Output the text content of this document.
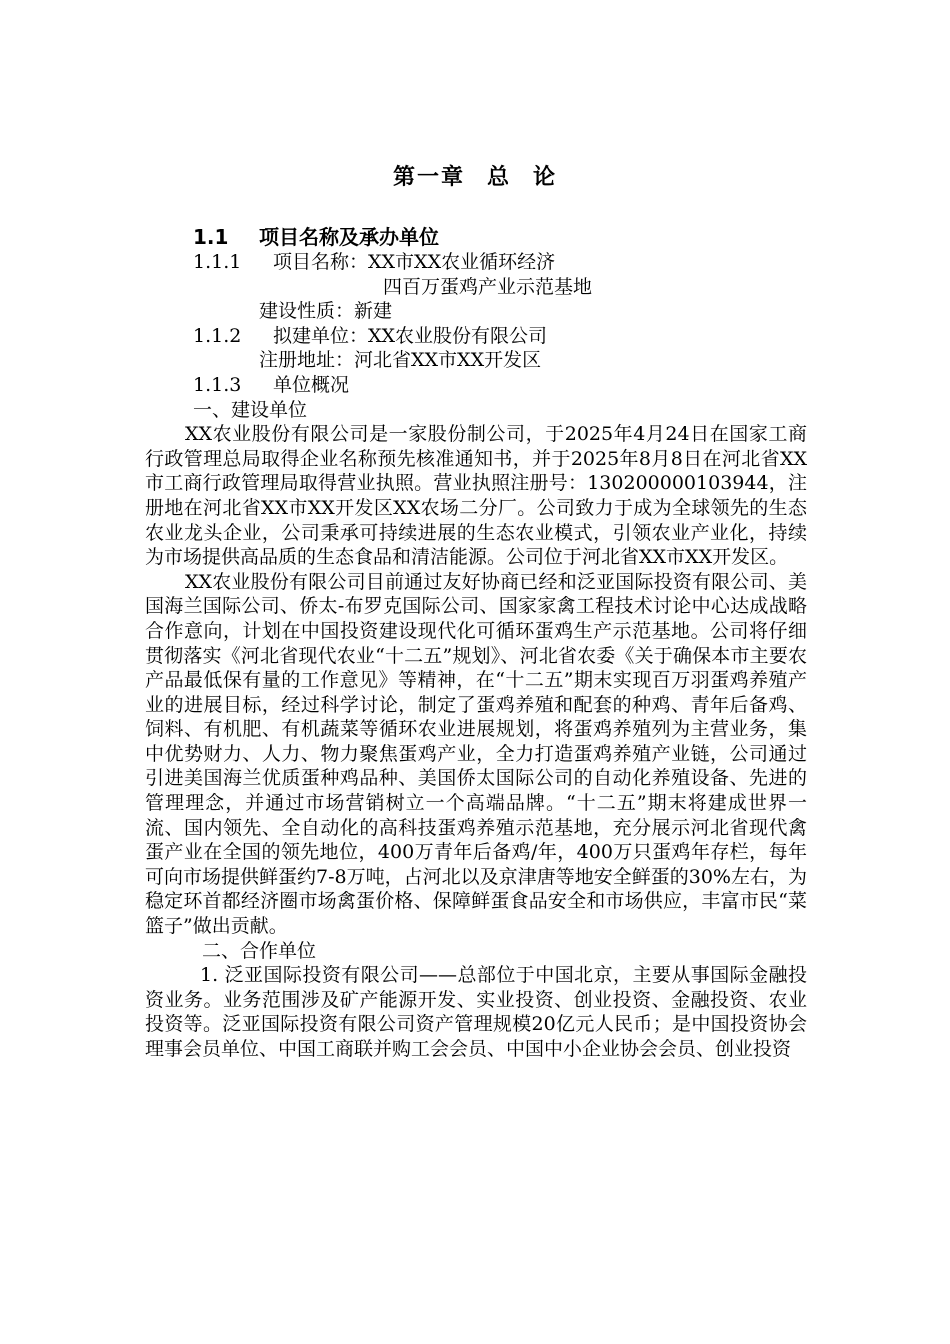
第一章 总 论

1.1 项目名称及承办单位

1.1.1 项目名称：XX市XX农业循环经济

四百万蛋鸡产业示范基地

建设性质：新建

1.1.2 拟建单位：XX农业股份有限公司

注册地址：河北省XX市XX开发区

1.1.3 单位概况

一、建设单位

XX农业股份有限公司是一家股份制公司，于2025年4月24日在国家工商行政管理总局取得企业名称预先核准通知书，并于2025年8月8日在河北省XX市工商行政管理局取得营业执照。营业执照注册号：130200000103944，注册地在河北省XX市XX开发区XX农场二分厂。公司致力于成为全球领先的生态农业龙头企业，公司秉承可持续进展的生态农业模式，引领农业产业化，持续为市场提供高品质的生态食品和清洁能源。公司位于河北省XX市XX开发区。

XX农业股份有限公司目前通过友好协商已经和泛亚国际投资有限公司、美国海兰国际公司、侨太-布罗克国际公司、国家家禽工程技术讨论中心达成战略合作意向，计划在中国投资建设现代化可循环蛋鸡生产示范基地。公司将仔细贯彻落实《河北省现代农业“十二五”规划》、河北省农委《关于确保本市主要农产品最低保有量的工作意见》等精神，在“十二五”期末实现百万羽蛋鸡养殖产业的进展目标，经过科学讨论，制定了蛋鸡养殖和配套的种鸡、青年后备鸡、饲料、有机肥、有机蔬菜等循环农业进展规划，将蛋鸡养殖列为主营业务，集中优势财力、人力、物力聚焦蛋鸡产业，全力打造蛋鸡养殖产业链，公司通过引进美国海兰优质蛋种鸡品种、美国侨太国际公司的自动化养殖设备、先进的管理理念，并通过市场营销树立一个高端品牌。“十二五”期末将建成世界一流、国内领先、全自动化的高科技蛋鸡养殖示范基地，充分展示河北省现代禽蛋产业在全国的领先地位，400万青年后备鸡/年，400万只蛋鸡年存栏，每年可向市场提供鲜蛋约7-8万吨，占河北以及京津唐等地安全鲜蛋的30%左右，为稳定环首都经济圈市场禽蛋价格、保障鲜蛋食品安全和市场供应，丰富市民“菜篮子”做出贡献。

二、合作单位

1. 泛亚国际投资有限公司——总部位于中国北京，主要从事国际金融投资业务。业务范围涉及矿产能源开发、实业投资、创业投资、金融投资、农业投资等。泛亚国际投资有限公司资产管理规模20亿元人民币；是中国投资协会理事会员单位、中国工商联并购工会会员、中国中小企业协会会员、创业投资
